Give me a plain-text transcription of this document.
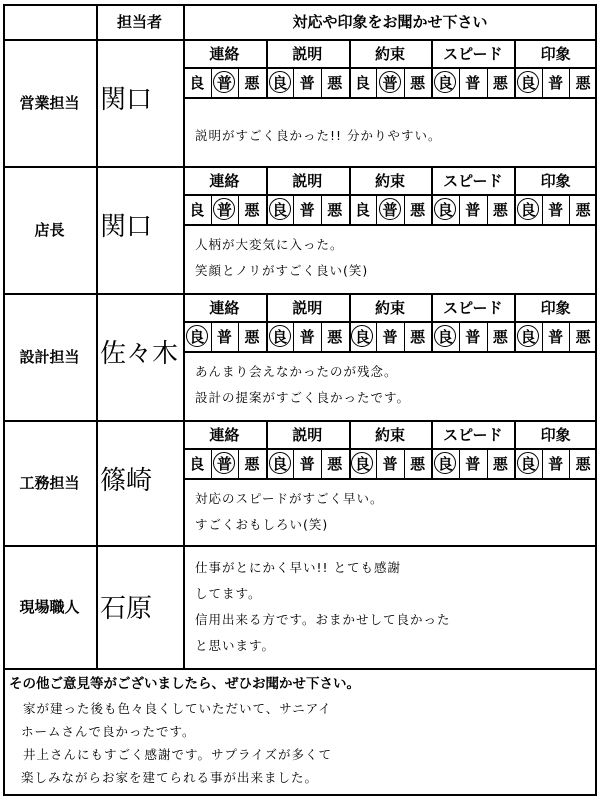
担当者	対応や印象をお聞かせ下さい
営業担当 関口
連絡
良 普 悪
説明
良 普 悪
約束
良 普 悪
スピード
良 普 悪
印象
良 普 悪
説明がすごく良かった!! 分かりやすい。
店長	関口
連絡
良 普 悪
説明
良 普 悪
約束
良 普 悪
スピード
良 普 悪
印象
良 普 悪
人柄が大変気に入った。
笑顔とノリがすごく良い(笑)
設計担当 佐々木
連絡
良 普 悪
説明
良 普 悪
約束
良 普 悪
スピード
良 普 悪
印象
良 普 悪
あんまり会えなかったのが残念。
設計の提案がすごく良かったです。
工務担当 篠崎
連絡
良 普 悪
説明
良 普 悪
約束
良 普 悪
スピード
良 普 悪
印象
良 普 悪
対応のスピードがすごく早い。
すごくおもしろい(笑)
現場職人 石原
仕事がとにかく早い!! とても感謝
してます。
信用出来る方です。おまかせして良かった
と思います。
その他ご意見等がございましたら、ぜひお聞かせ下さい。
家が建った後も色々良くしていただいて、サニアイ
ホームさんで良かったです。
井上さんにもすごく感謝です。サプライズが多くて
楽しみながらお家を建てられる事が出来ました。
